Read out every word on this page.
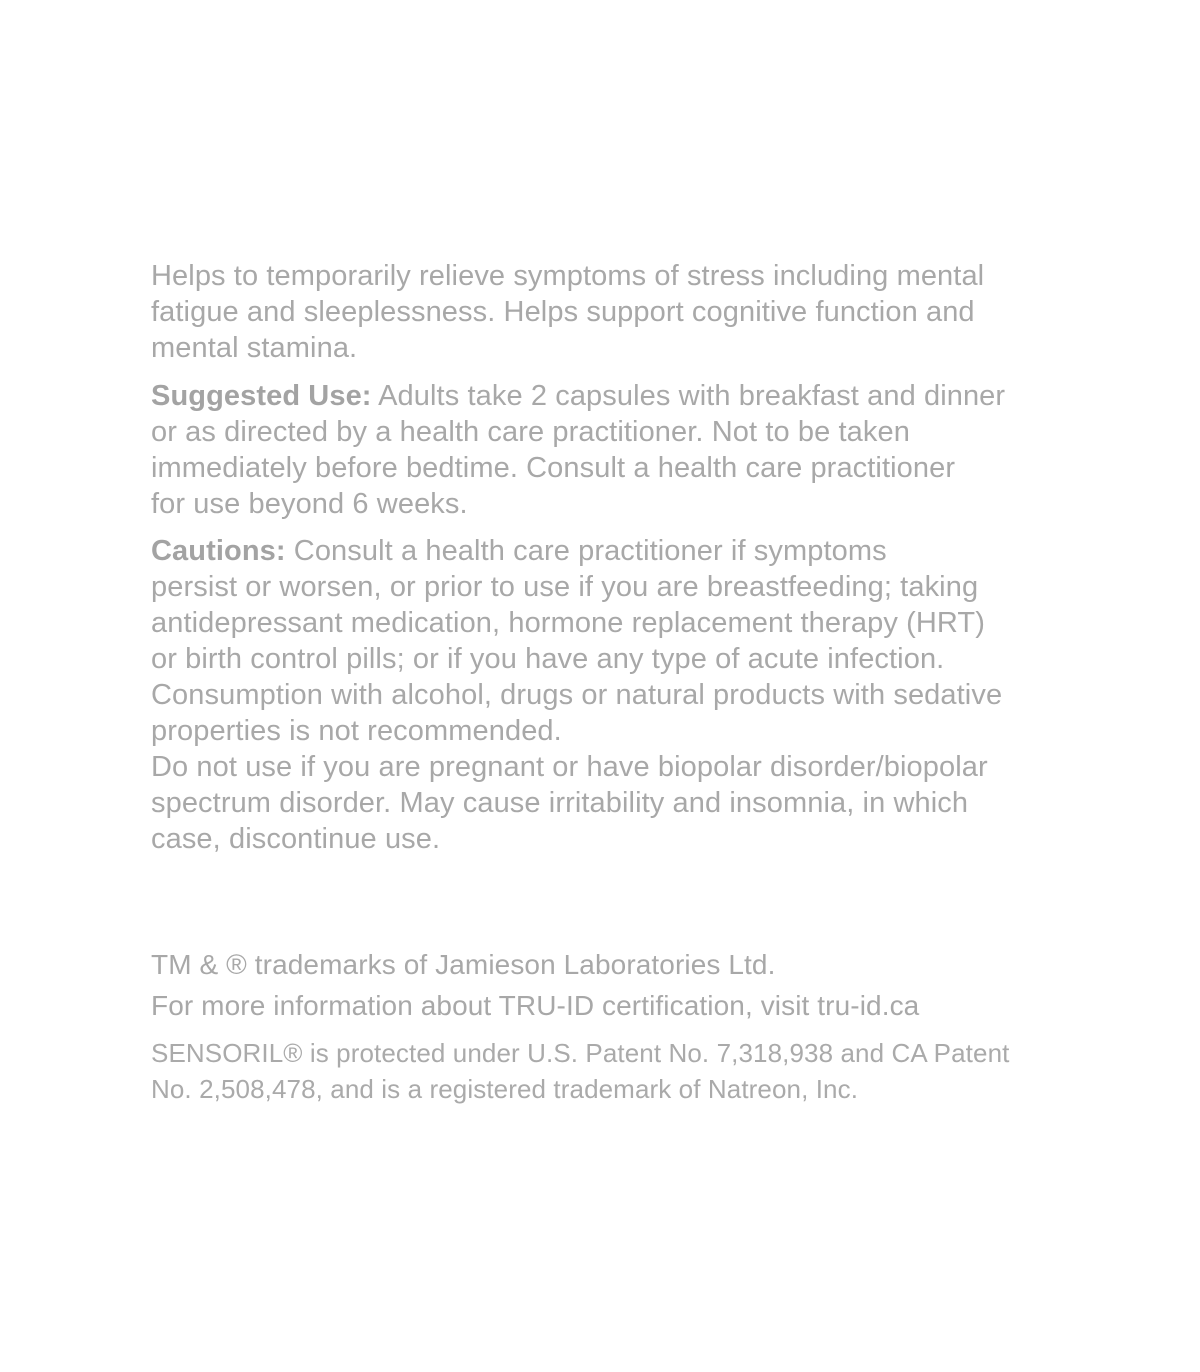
Helps to temporarily relieve symptoms of stress including mental
fatigue and sleeplessness. Helps support cognitive function and
mental stamina.
Suggested Use: Adults take 2 capsules with breakfast and dinner
or as directed by a health care practitioner. Not to be taken
immediately before bedtime. Consult a health care practitioner
for use beyond 6 weeks.
Cautions: Consult a health care practitioner if symptoms
persist or worsen, or prior to use if you are breastfeeding; taking
antidepressant medication, hormone replacement therapy (HRT)
or birth control pills; or if you have any type of acute infection.
Consumption with alcohol, drugs or natural products with sedative
properties is not recommended.
Do not use if you are pregnant or have biopolar disorder/biopolar
spectrum disorder. May cause irritability and insomnia, in which
case, discontinue use.
TM & ® trademarks of Jamieson Laboratories Ltd.
For more information about TRU-ID certification, visit tru-id.ca
SENSORIL® is protected under U.S. Patent No. 7,318,938 and CA Patent
No. 2,508,478, and is a registered trademark of Natreon, Inc.
